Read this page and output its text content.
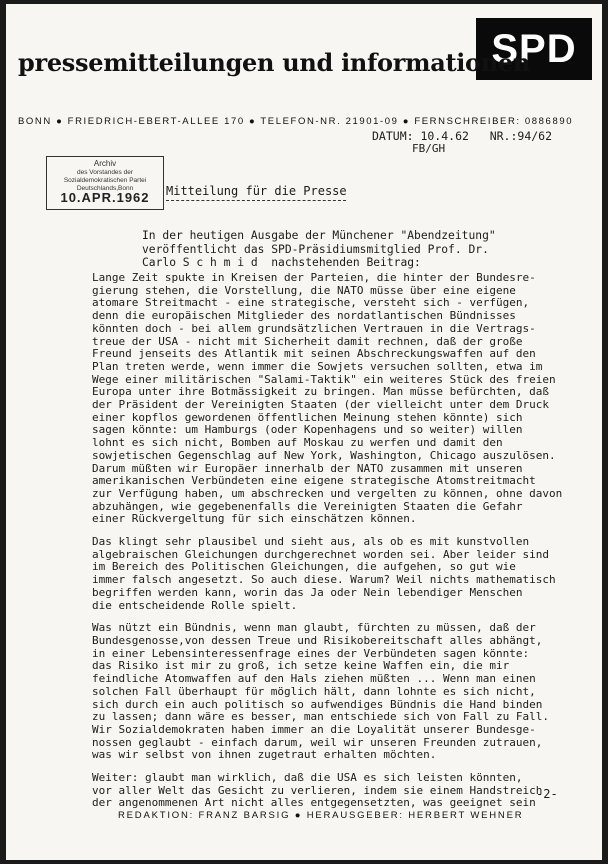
SPD
pressemitteilungen und informationen
BONN ● FRIEDRICH-EBERT-ALLEE 170 ● TELEFON-NR. 21901-09 ● FERNSCHREIBER: 0886890
DATUM: 10.4.62   NR.:94/62
FB/GH
Archiv
des Vorstandes der Sozialdemokratischen Partei Deutschlands,Bonn
10.APR.1962	Mitteilung für die Presse
In der heutigen Ausgabe der Münchener "Abendzeitung"
veröffentlicht das SPD-Präsidiumsmitglied Prof. Dr.
Carlo S c h m i d  nachstehenden Beitrag:

Lange Zeit spukte in Kreisen der Parteien, die hinter der Bundesre-
gierung stehen, die Vorstellung, die NATO müsse über eine eigene
atomare Streitmacht - eine strategische, versteht sich - verfügen,
denn die europäischen Mitglieder des nordatlantischen Bündnisses
könnten doch - bei allem grundsätzlichen Vertrauen in die Vertrags-
treue der USA - nicht mit Sicherheit damit rechnen, daß der große
Freund jenseits des Atlantik mit seinen Abschreckungswaffen auf den
Plan treten werde, wenn immer die Sowjets versuchen sollten, etwa im
Wege einer militärischen "Salami-Taktik" ein weiteres Stück des freien
Europa unter ihre Botmässigkeit zu bringen. Man müsse befürchten, daß
der Präsident der Vereinigten Staaten (der vielleicht unter dem Druck
einer kopflos gewordenen öffentlichen Meinung stehen könnte) sich
sagen könnte: um Hamburgs (oder Kopenhagens und so weiter) willen
lohnt es sich nicht, Bomben auf Moskau zu werfen und damit den
sowjetischen Gegenschlag auf New York, Washington, Chicago auszulösen.
Darum müßten wir Europäer innerhalb der NATO zusammen mit unseren
amerikanischen Verbündeten eine eigene strategische Atomstreitmacht
zur Verfügung haben, um abschrecken und vergelten zu können, ohne davon
abzuhängen, wie gegebenenfalls die Vereinigten Staaten die Gefahr
einer Rückvergeltung für sich einschätzen können.

Das klingt sehr plausibel und sieht aus, als ob es mit kunstvollen
algebraischen Gleichungen durchgerechnet worden sei. Aber leider sind
im Bereich des Politischen Gleichungen, die aufgehen, so gut wie
immer falsch angesetzt. So auch diese. Warum? Weil nichts mathematisch
begriffen werden kann, worin das Ja oder Nein lebendiger Menschen
die entscheidende Rolle spielt.

Was nützt ein Bündnis, wenn man glaubt, fürchten zu müssen, daß der
Bundesgenosse,von dessen Treue und Risikobereitschaft alles abhängt,
in einer Lebensinteressenfrage eines der Verbündeten sagen könnte:
das Risiko ist mir zu groß, ich setze keine Waffen ein, die mir
feindliche Atomwaffen auf den Hals ziehen müßten ... Wenn man einen
solchen Fall überhaupt für möglich hält, dann lohnte es sich nicht,
sich durch ein auch politisch so aufwendiges Bündnis die Hand binden
zu lassen; dann wäre es besser, man entschiede sich von Fall zu Fall.
Wir Sozialdemokraten haben immer an die Loyalität unserer Bundesge-
nossen geglaubt - einfach darum, weil wir unseren Freunden zutrauen,
was wir selbst von ihnen zugetraut erhalten möchten.

Weiter: glaubt man wirklich, daß die USA es sich leisten könnten,
vor aller Welt das Gesicht zu verlieren, indem sie einem Handstreich
der angenommenen Art nicht alles entgegensetzten, was geeignet sein

-2-
REDAKTION: FRANZ BARSIG ● HERAUSGEBER: HERBERT WEHNER
